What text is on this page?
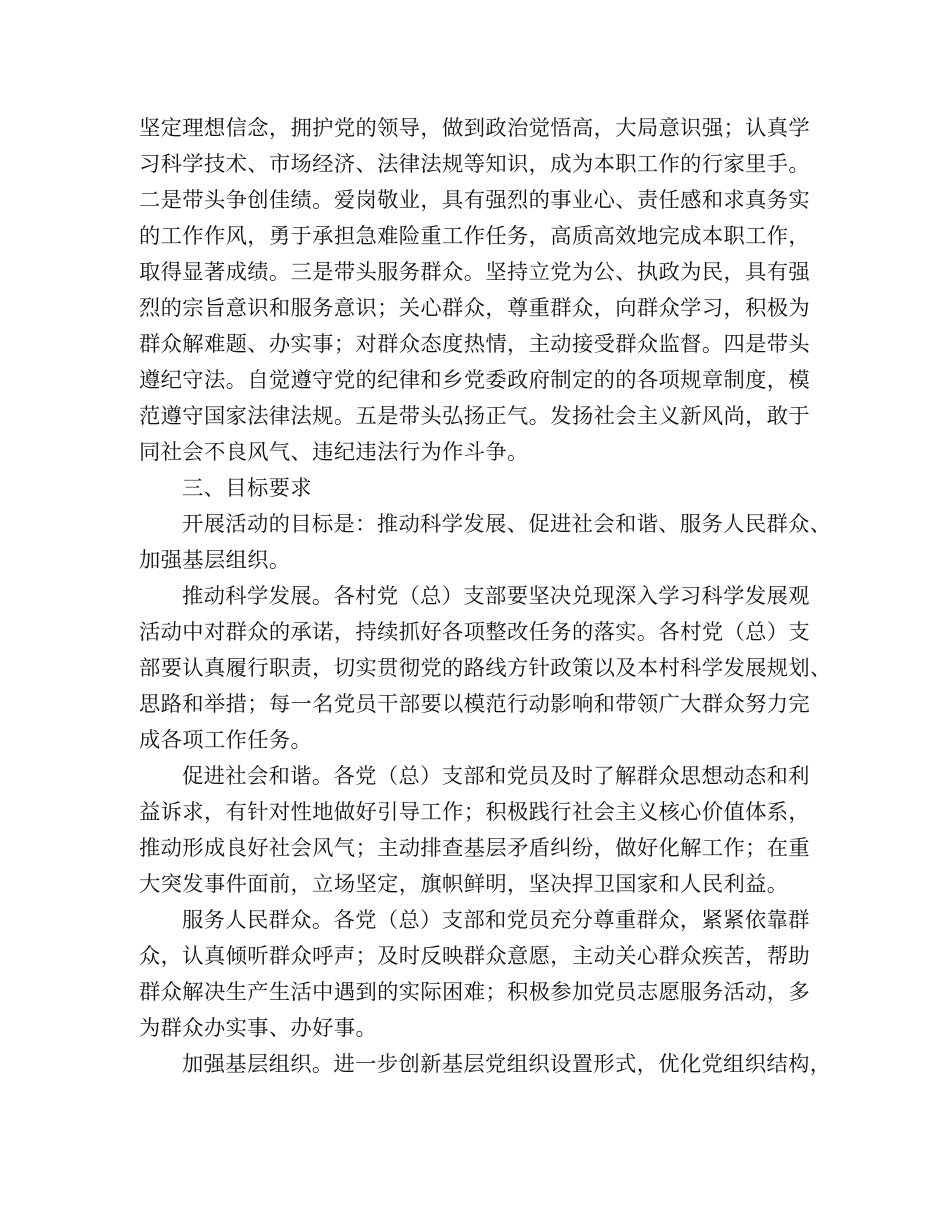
坚定理想信念，拥护党的领导，做到政治觉悟高，大局意识强；认真学
习科学技术、市场经济、法律法规等知识，成为本职工作的行家里手。
二是带头争创佳绩。爱岗敬业，具有强烈的事业心、责任感和求真务实
的工作作风，勇于承担急难险重工作任务，高质高效地完成本职工作，
取得显著成绩。三是带头服务群众。坚持立党为公、执政为民，具有强
烈的宗旨意识和服务意识；关心群众，尊重群众，向群众学习，积极为
群众解难题、办实事；对群众态度热情，主动接受群众监督。四是带头
遵纪守法。自觉遵守党的纪律和乡党委政府制定的的各项规章制度，模
范遵守国家法律法规。五是带头弘扬正气。发扬社会主义新风尚，敢于
同社会不良风气、违纪违法行为作斗争。
三、目标要求
开展活动的目标是：推动科学发展、促进社会和谐、服务人民群众、
加强基层组织。
推动科学发展。各村党（总）支部要坚决兑现深入学习科学发展观
活动中对群众的承诺，持续抓好各项整改任务的落实。各村党（总）支
部要认真履行职责，切实贯彻党的路线方针政策以及本村科学发展规划、
思路和举措；每一名党员干部要以模范行动影响和带领广大群众努力完
成各项工作任务。
促进社会和谐。各党（总）支部和党员及时了解群众思想动态和利
益诉求，有针对性地做好引导工作；积极践行社会主义核心价值体系，
推动形成良好社会风气；主动排查基层矛盾纠纷，做好化解工作；在重
大突发事件面前，立场坚定，旗帜鲜明，坚决捍卫国家和人民利益。
服务人民群众。各党（总）支部和党员充分尊重群众，紧紧依靠群
众，认真倾听群众呼声；及时反映群众意愿，主动关心群众疾苦，帮助
群众解决生产生活中遇到的实际困难；积极参加党员志愿服务活动，多
为群众办实事、办好事。
加强基层组织。进一步创新基层党组织设置形式，优化党组织结构，
